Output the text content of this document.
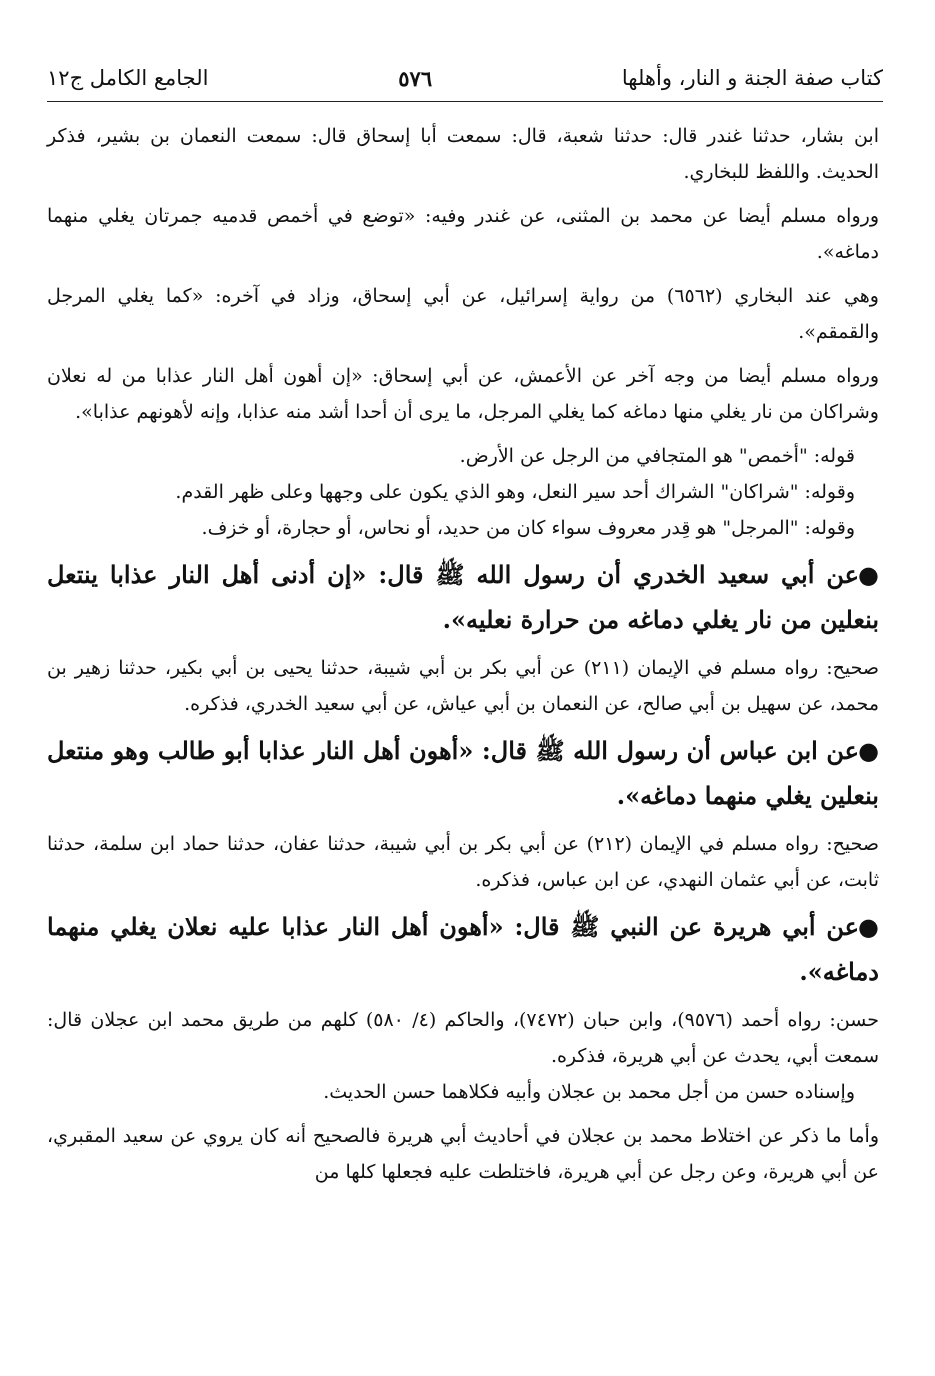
كتاب صفة الجنة و النار، وأهلها
٥٧٦
الجامع الكامل ج١٢

ابن بشار، حدثنا غندر قال: حدثنا شعبة، قال: سمعت أبا إسحاق قال: سمعت النعمان بن بشير، فذكر الحديث. واللفظ للبخاري.

ورواه مسلم أيضا عن محمد بن المثنى، عن غندر وفيه: «توضع في أخمص قدميه جمرتان يغلي منهما دماغه».

وهي عند البخاري (٦٥٦٢) من رواية إسرائيل، عن أبي إسحاق، وزاد في آخره: «كما يغلي المرجل والقمقم».

ورواه مسلم أيضا من وجه آخر عن الأعمش، عن أبي إسحاق: «إن أهون أهل النار عذابا من له نعلان وشراكان من نار يغلي منها دماغه كما يغلي المرجل، ما يرى أن أحدا أشد منه عذابا، وإنه لأهونهم عذابا».

قوله: "أخمص" هو المتجافي من الرجل عن الأرض.

وقوله: "شراكان" الشراك أحد سير النعل، وهو الذي يكون على وجهها وعلى ظهر القدم.

وقوله: "المرجل" هو قِدر معروف سواء كان من حديد، أو نحاس، أو حجارة، أو خزف.

●عن أبي سعيد الخدري أن رسول الله ﷺ قال: «إن أدنى أهل النار عذابا ينتعل بنعلين من نار يغلي دماغه من حرارة نعليه».

صحيح: رواه مسلم في الإيمان (٢١١) عن أبي بكر بن أبي شيبة، حدثنا يحيى بن أبي بكير، حدثنا زهير بن محمد، عن سهيل بن أبي صالح، عن النعمان بن أبي عياش، عن أبي سعيد الخدري، فذكره.

●عن ابن عباس أن رسول الله ﷺ قال: «أهون أهل النار عذابا أبو طالب وهو منتعل بنعلين يغلي منهما دماغه».

صحيح: رواه مسلم في الإيمان (٢١٢) عن أبي بكر بن أبي شيبة، حدثنا عفان، حدثنا حماد ابن سلمة، حدثنا ثابت، عن أبي عثمان النهدي، عن ابن عباس، فذكره.

●عن أبي هريرة عن النبي ﷺ قال: «أهون أهل النار عذابا عليه نعلان يغلي منهما دماغه».

حسن: رواه أحمد (٩٥٧٦)، وابن حبان (٧٤٧٢)، والحاكم (٤/ ٥٨٠) كلهم من طريق محمد ابن عجلان قال: سمعت أبي، يحدث عن أبي هريرة، فذكره.

وإسناده حسن من أجل محمد بن عجلان وأبيه فكلاهما حسن الحديث.

وأما ما ذكر عن اختلاط محمد بن عجلان في أحاديث أبي هريرة فالصحيح أنه كان يروي عن سعيد المقبري، عن أبي هريرة، وعن رجل عن أبي هريرة، فاختلطت عليه فجعلها كلها من
